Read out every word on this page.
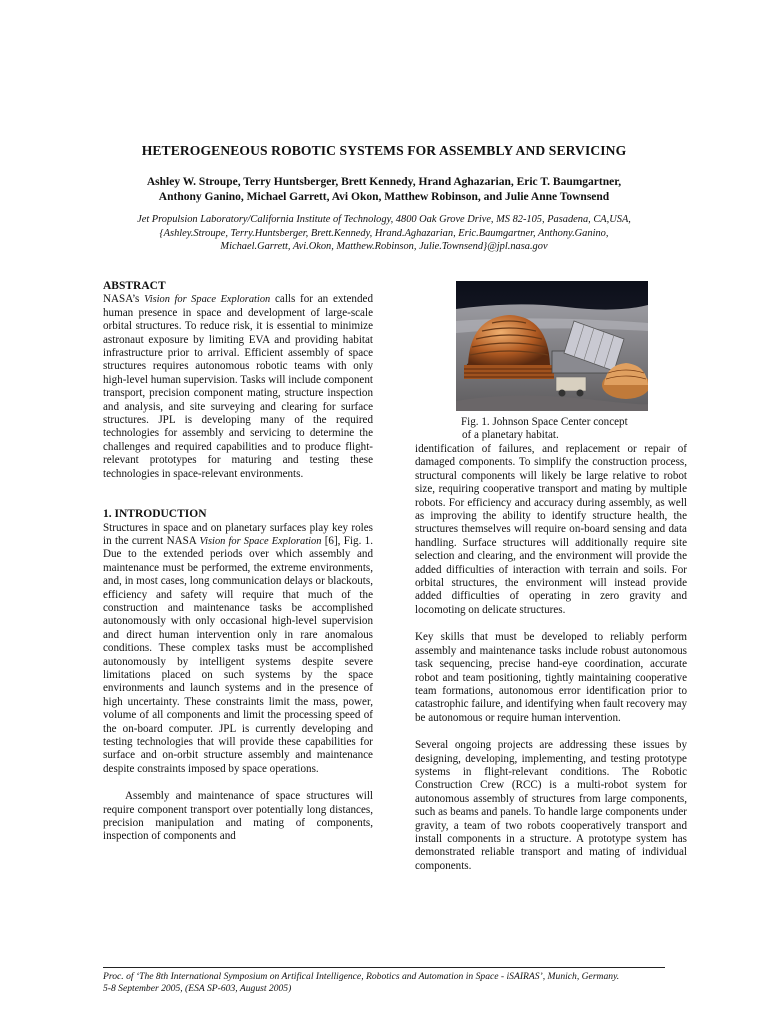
HETEROGENEOUS ROBOTIC SYSTEMS FOR ASSEMBLY AND SERVICING
Ashley W. Stroupe, Terry Huntsberger, Brett Kennedy, Hrand Aghazarian, Eric T. Baumgartner,
Anthony Ganino, Michael Garrett, Avi Okon, Matthew Robinson, and Julie Anne Townsend
Jet Propulsion Laboratory/California Institute of Technology, 4800 Oak Grove Drive, MS 82-105, Pasadena, CA,USA,
{Ashley.Stroupe, Terry.Huntsberger, Brett.Kennedy, Hrand.Aghazarian, Eric.Baumgartner, Anthony.Ganino,
Michael.Garrett, Avi.Okon, Matthew.Robinson, Julie.Townsend}@jpl.nasa.gov

ABSTRACT

NASA’s Vision for Space Exploration calls for an extended human presence in space and development of large-scale orbital structures. To reduce risk, it is essential to minimize astronaut exposure by limiting EVA and providing habitat infrastructure prior to arrival. Efficient assembly of space structures requires autonomous robotic teams with only high-level human supervision. Tasks will include component transport, precision component mating, structure inspection and analysis, and site surveying and clearing for surface structures. JPL is developing many of the required technologies for assembly and servicing to determine the challenges and required capabilities and to produce flight-relevant prototypes for maturing and testing these technologies in space-relevant environments.

1. INTRODUCTION

Structures in space and on planetary surfaces play key roles in the current NASA Vision for Space Exploration [6], Fig. 1. Due to the extended periods over which assembly and maintenance must be performed, the extreme environments, and, in most cases, long communication delays or blackouts, efficiency and safety will require that much of the construction and maintenance tasks be accomplished autonomously with only occasional high-level supervision and direct human intervention only in rare anomalous conditions. These complex tasks must be accomplished autonomously by intelligent systems despite severe limitations placed on such systems by the space environments and launch systems and in the presence of high uncertainty. These constraints limit the mass, power, volume of all components and limit the processing speed of the on-board computer. JPL is currently developing and testing technologies that will provide these capabilities for surface and on-orbit structure assembly and maintenance despite constraints imposed by space operations.

Assembly and maintenance of space structures will require component transport over potentially long distances, precision manipulation and mating of components, inspection of components and

Fig. 1. Johnson Space Center concept
of a planetary habitat.

identification of failures, and replacement or repair of damaged components. To simplify the construction process, structural components will likely be large relative to robot size, requiring cooperative transport and mating by multiple robots. For efficiency and accuracy during assembly, as well as improving the ability to identify structure health, the structures themselves will require on-board sensing and data handling. Surface structures will additionally require site selection and clearing, and the environment will provide the added difficulties of interaction with terrain and soils. For orbital structures, the environment will instead provide added difficulties of operating in zero gravity and locomoting on delicate structures.

Key skills that must be developed to reliably perform assembly and maintenance tasks include robust autonomous task sequencing, precise hand-eye coordination, accurate robot and team positioning, tightly maintaining cooperative team formations, autonomous error identification prior to catastrophic failure, and identifying when fault recovery may be autonomous or require human intervention.

Several ongoing projects are addressing these issues by designing, developing, implementing, and testing prototype systems in flight-relevant conditions. The Robotic Construction Crew (RCC) is a multi-robot system for autonomous assembly of structures from large components, such as beams and panels. To handle large components under gravity, a team of two robots cooperatively transport and install components in a structure. A prototype system has demonstrated reliable transport and mating of individual components.

Proc. of ‘The 8th International Symposium on Artifical Intelligence, Robotics and Automation in Space - iSAIRAS’, Munich, Germany.
5-8 September 2005, (ESA SP-603, August 2005)
